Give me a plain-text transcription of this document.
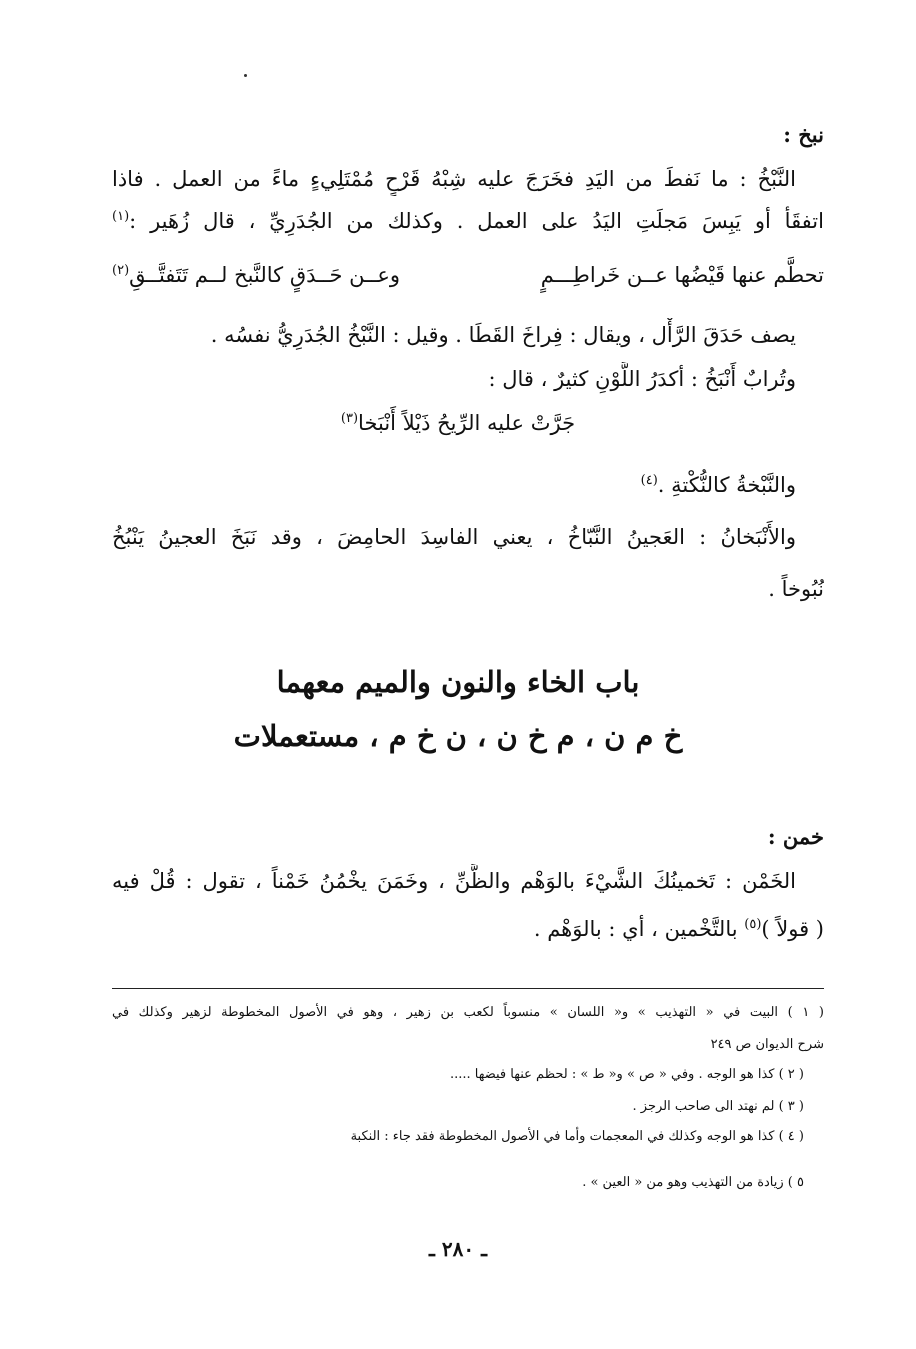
نبخ :
النَّبْخُ : ما نَفطَ من اليَدِ فخَرَجَ عليه شِبْهُ قَرْحٍ مُمْتَلِيءٍ ماءً من العمل . فاذا
اتفقَأ أو يَبِسَ مَجلَتِ اليَدُ على العمل . وكذلك من الجُدَرِيِّ ، قال زُهَير :$^{(١)}$
تحطَّم عنها قَيْضُها عــن خَراطِـــمٍ
وعــن حَــدَقٍ كالنَّبخ لــم تَتَفتَّــقِ$^{(٢)}$
يصف حَدَقَ الرَّأْل ، ويقال : فِراخَ القَطَا . وقيل : النَّبْخُ الجُدَرِيُّ نفسُه .
وتُرابٌ أَنْبَخُ : أكدَرُ اللَّوْنِ كثيرٌ ، قال :
جَرَّتْ عليه الرِّيحُ ذَيْلاً أَنْبَخا$^{(٣)}$
والنَّبْخةُ كالنُّكْتةِ .$^{(٤)}$
والأَنْبَخانُ : العَجينُ النَّبّاخُ ، يعني الفاسِدَ الحامِضَ ، وقد نَبَخَ العجينُ يَنْبُخُ
نُبُوخاً .
باب الخاء والنون والميم معهما
خ م ن ، م خ ن ، ن خ م ، مستعملات
خمن :
الخَمْن : تَخمينُكَ الشَّيْءَ بالوَهْم والظَّنِّ ، وخَمَنَ يخْمُنُ خَمْناً ، تقول : قُلْ فيه
( قولاً )$^{(٥)}$ بالتَّخْمين ، أي : بالوَهْم .
( ١ ) البيت في « التهذيب » و« اللسان » منسوباً لكعب بن زهير ، وهو في الأصول المخطوطة لزهير وكذلك في
شرح الديوان ص ٢٤٩
( ٢ ) كذا هو الوجه . وفي « ص » و« ط » : لحظم عنها فيضها .....
( ٣ ) لم نهتد الى صاحب الرجز .
( ٤ ) كذا هو الوجه وكذلك في المعجمات وأما في الأصول المخطوطة فقد جاء : النكبة
٥ ) زيادة من التهذيب وهو من « العين » .
ـ ٢٨٠ ـ
